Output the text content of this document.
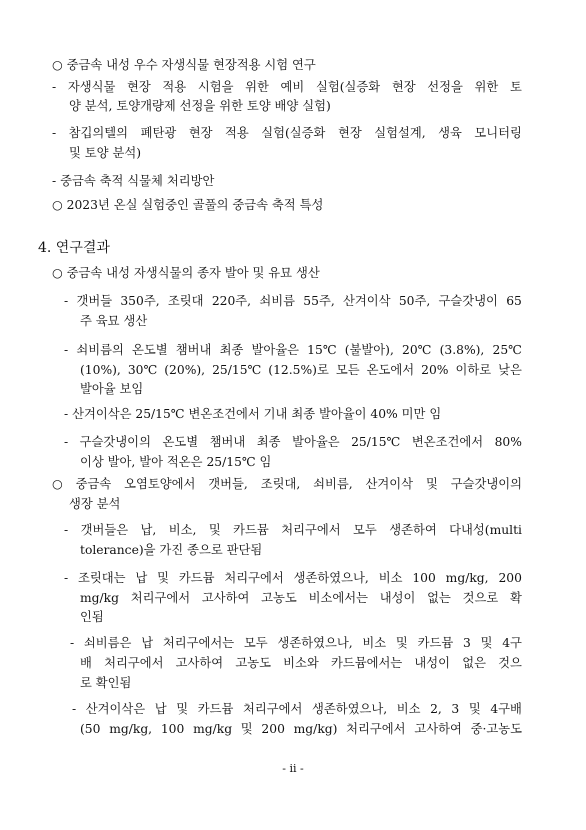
○ 중금속 내성 우수 자생식물 현장적용 시험 연구
- 자생식물 현장 적용 시험을 위한 예비 실험(실증화 현장 선정을 위한 토
양 분석, 토양개량제 선정을 위한 토양 배양 실험)
- 참깁의텔의 폐탄광 현장 적용 실험(실증화 현장 실험설계, 생육 모니터링
및 토양 분석)
- 중금속 축적 식물체 처리방안
○ 2023년 온실 실험중인 골풀의 중금속 축적 특성
4. 연구결과
○ 중금속 내성 자생식물의 종자 발아 및 유묘 생산
- 갯버들 350주, 조릿대 220주, 쇠비름 55주, 산겨이삭 50주, 구슬갓냉이 65
주 육묘 생산
- 쇠비름의 온도별 챔버내 최종 발아율은 15℃ (불발아), 20℃ (3.8%), 25℃
(10%), 30℃ (20%), 25/15℃ (12.5%)로 모든 온도에서 20% 이하로 낮은
발아율 보임
- 산겨이삭은 25/15℃ 변온조건에서 기내 최종 발아율이 40% 미만 임
- 구슬갓냉이의 온도별 챔버내 최종 발아율은 25/15℃ 변온조건에서 80%
이상 발아, 발아 적온은 25/15℃ 임
○ 중금속 오염토양에서 갯버들, 조릿대, 쇠비름, 산겨이삭 및 구슬갓냉이의
생장 분석
- 갯버들은 납, 비소, 및 카드뮴 처리구에서 모두 생존하여 다내성(multi
tolerance)을 가진 종으로 판단됨
- 조릿대는 납 및 카드뮴 처리구에서 생존하였으나, 비소 100 mg/kg, 200
mg/kg 처리구에서 고사하여 고농도 비소에서는 내성이 없는 것으로 확
인됨
- 쇠비름은 납 처리구에서는 모두 생존하였으나, 비소 및 카드뮴 3 및 4구
배 처리구에서 고사하여 고농도 비소와 카드뮴에서는 내성이 없은 것으
로 확인됨
- 산겨이삭은 납 및 카드뮴 처리구에서 생존하였으나, 비소 2, 3 및 4구배
(50 mg/kg, 100 mg/kg 및 200 mg/kg) 처리구에서 고사하여 중·고농도
- ii -
